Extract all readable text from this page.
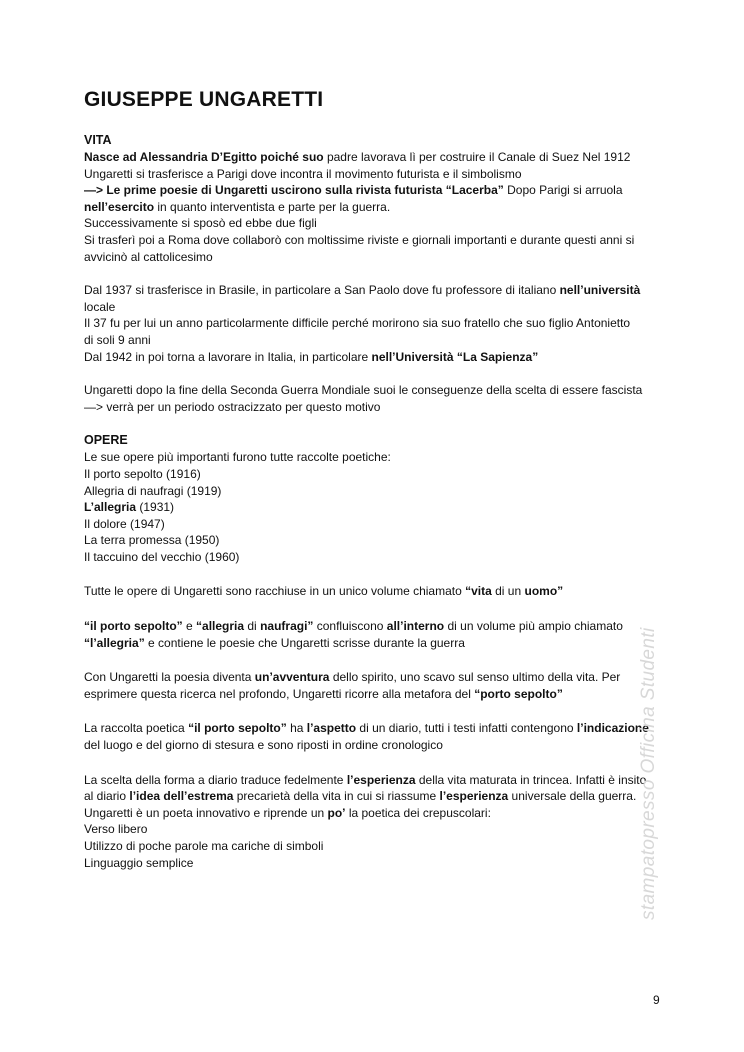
GIUSEPPE UNGARETTI
VITA

Nasce ad Alessandria D’Egitto poiché suo padre lavorava lì per costruire il Canale di Suez Nel 1912

Ungaretti si trasferisce a Parigi dove incontra il movimento futurista e il simbolismo

—> Le prime poesie di Ungaretti uscirono sulla rivista futurista “Lacerba” Dopo Parigi si arruola

nell’esercito in quanto interventista e parte per la guerra.

Successivamente si sposò ed ebbe due figli

Si trasferì poi a Roma dove collaborò con moltissime riviste e giornali importanti e durante questi anni si

avvicinò al cattolicesimo

Dal 1937 si trasferisce in Brasile, in particolare a San Paolo dove fu professore di italiano nell’università

locale

Il 37 fu per lui un anno particolarmente difficile perché morirono sia suo fratello che suo figlio Antonietto

di soli 9 anni

Dal 1942 in poi torna a lavorare in Italia, in particolare nell’Università “La Sapienza”

Ungaretti dopo la fine della Seconda Guerra Mondiale suoi le conseguenze della scelta di essere fascista

—> verrà per un periodo ostracizzato per questo motivo

OPERE

Le sue opere più importanti furono tutte raccolte poetiche:

Il porto sepolto (1916)

Allegria di naufragi (1919)

L’allegria (1931)

Il dolore (1947)

La terra promessa (1950)

Il taccuino del vecchio (1960)

Tutte le opere di Ungaretti sono racchiuse in un unico volume chiamato “vita di un uomo”

“il porto sepolto” e “allegria di naufragi” confluiscono all’interno di un volume più ampio chiamato

“l’allegria” e contiene le poesie che Ungaretti scrisse durante la guerra

Con Ungaretti la poesia diventa un’avventura dello spirito, uno scavo sul senso ultimo della vita. Per

esprimere questa ricerca nel profondo, Ungaretti ricorre alla metafora del “porto sepolto”

La raccolta poetica “il porto sepolto” ha l’aspetto di un diario, tutti i testi infatti contengono l’indicazione

del luogo e del giorno di stesura e sono riposti in ordine cronologico

La scelta della forma a diario traduce fedelmente l’esperienza della vita maturata in trincea. Infatti è insito

al diario l’idea dell’estrema precarietà della vita in cui si riassume l’esperienza universale della guerra.

Ungaretti è un poeta innovativo e riprende un po’ la poetica dei crepuscolari:

Verso libero

Utilizzo di poche parole ma cariche di simboli

Linguaggio semplice	stampatopresso Officina Studenti
9
